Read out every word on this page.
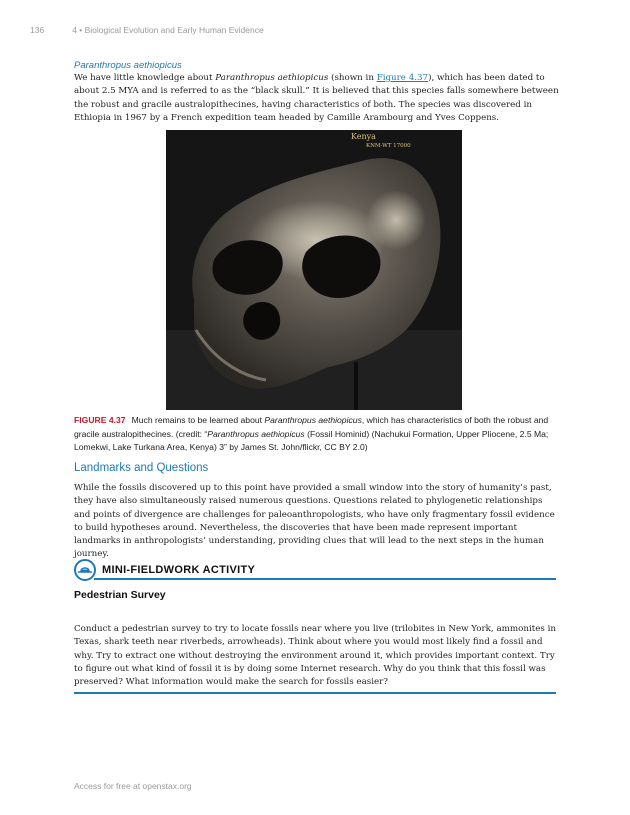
136	4 • Biological Evolution and Early Human Evidence
Paranthropus aethiopicus

We have little knowledge about Paranthropus aethiopicus (shown in Figure 4.37), which has been dated to about 2.5 MYA and is referred to as the “black skull.” It is believed that this species falls somewhere between the robust and gracile australopithecines, having characteristics of both. The species was discovered in Ethiopia in 1967 by a French expedition team headed by Camille Arambourg and Yves Coppens.

Kenya
KNM-WT 17000
FIGURE 4.37 Much remains to be learned about Paranthropus aethiopicus, which has characteristics of both the robust and gracile australopithecines. (credit: “Paranthropus aethiopicus (Fossil Hominid) (Nachukui Formation, Upper Pliocene, 2.5 Ma; Lomekwi, Lake Turkana Area, Kenya) 3” by James St. John/flickr, CC BY 2.0)
Landmarks and Questions

While the fossils discovered up to this point have provided a small window into the story of humanity’s past, they have also simultaneously raised numerous questions. Questions related to phylogenetic relationships and points of divergence are challenges for paleoanthropologists, who have only fragmentary fossil evidence to build hypotheses around. Nevertheless, the discoveries that have been made represent important landmarks in anthropologists’ understanding, providing clues that will lead to the next steps in the human journey.

MINI-FIELDWORK ACTIVITY
Pedestrian Survey

Conduct a pedestrian survey to try to locate fossils near where you live (trilobites in New York, ammonites in Texas, shark teeth near riverbeds, arrowheads). Think about where you would most likely find a fossil and why. Try to extract one without destroying the environment around it, which provides important context. Try to figure out what kind of fossil it is by doing some Internet research. Why do you think that this fossil was preserved? What information would make the search for fossils easier?

Access for free at openstax.org
